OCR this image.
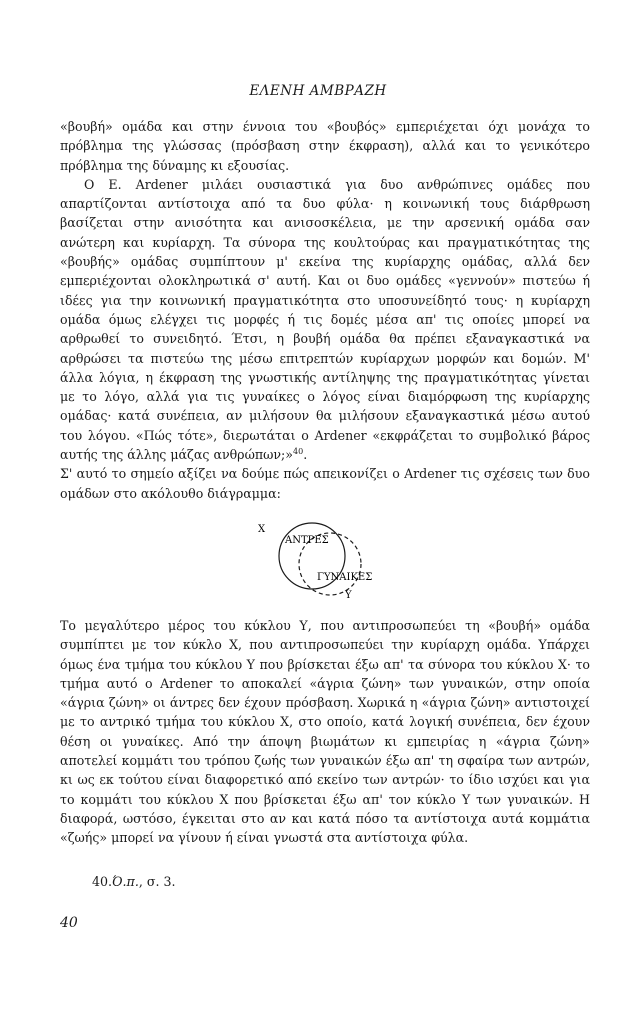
ΕΛΕΝΗ ΑΜΒΡΑΖΗ

«βουβή» ομάδα και στην έννοια του «βουβός» εμπεριέχεται όχι μονάχα το πρόβλημα της γλώσσας (πρόσβαση στην έκφραση), αλλά και το γενικότερο πρόβλημα της δύναμης κι εξουσίας.

Ο Ε. Ardener μιλάει ουσιαστικά για δυο ανθρώπινες ομάδες που απαρτίζονται αντίστοιχα από τα δυο φύλα· η κοινωνική τους διάρθρωση βασίζεται στην ανισότητα και ανισοσκέλεια, με την αρσενική ομάδα σαν ανώτερη και κυρίαρχη. Τα σύνορα της κουλτούρας και πραγματικότητας της «βουβής» ομάδας συμπίπτουν μ' εκείνα της κυρίαρχης ομάδας, αλλά δεν εμπεριέχονται ολοκληρωτικά σ' αυτή. Και οι δυο ομάδες «γεννούν» πιστεύω ή ιδέες για την κοινωνική πραγματικότητα στο υποσυνείδητό τους· η κυρίαρχη ομάδα όμως ελέγχει τις μορφές ή τις δομές μέσα απ' τις οποίες μπορεί να αρθρωθεί το συνειδητό. Έτσι, η βουβή ομάδα θα πρέπει εξαναγκαστικά να αρθρώσει τα πιστεύω της μέσω επιτρεπτών κυρίαρχων μορφών και δομών. Μ' άλλα λόγια, η έκφραση της γνωστικής αντίληψης της πραγματικότητας γίνεται με το λόγο, αλλά για τις γυναίκες ο λόγος είναι διαμόρφωση της κυρίαρχης ομάδας· κατά συνέπεια, αν μιλήσουν θα μιλήσουν εξαναγκαστικά μέσω αυτού του λόγου. «Πώς τότε», διερωτάται ο Ardener «εκφράζεται το συμβολικό βάρος αυτής της άλλης μάζας ανθρώπων;»$^{40}$.

Σ' αυτό το σημείο αξίζει να δούμε πώς απεικονίζει ο Ardener τις σχέσεις των δυο ομάδων στο ακόλουθο διάγραμμα:

Χ
ΑΝΤΡΕΣ
ΓΥΝΑΙΚΕΣ
Υ

Το μεγαλύτερο μέρος του κύκλου Υ, που αντιπροσωπεύει τη «βουβή» ομάδα συμπίπτει με τον κύκλο Χ, που αντιπροσωπεύει την κυρίαρχη ομάδα. Υπάρχει όμως ένα τμήμα του κύκλου Υ που βρίσκεται έξω απ' τα σύνορα του κύκλου Χ· το τμήμα αυτό ο Ardener το αποκαλεί «άγρια ζώνη» των γυναικών, στην οποία «άγρια ζώνη» οι άντρες δεν έχουν πρόσβαση. Χωρικά η «άγρια ζώνη» αντιστοιχεί με το αντρικό τμήμα του κύκλου Χ, στο οποίο, κατά λογική συνέπεια, δεν έχουν θέση οι γυναίκες. Από την άποψη βιωμάτων κι εμπειρίας η «άγρια ζώνη» αποτελεί κομμάτι του τρόπου ζωής των γυναικών έξω απ' τη σφαίρα των αντρών, κι ως εκ τούτου είναι διαφορετικό από εκείνο των αντρών· το ίδιο ισχύει και για το κομμάτι του κύκλου Χ που βρίσκεται έξω απ' τον κύκλο Υ των γυναικών. Η διαφορά, ωστόσο, έγκειται στο αν και κατά πόσο τα αντίστοιχα αυτά κομμάτια «ζωής» μπορεί να γίνουν ή είναι γνωστά στα αντίστοιχα φύλα.

40.Ό.π., σ. 3.
40
